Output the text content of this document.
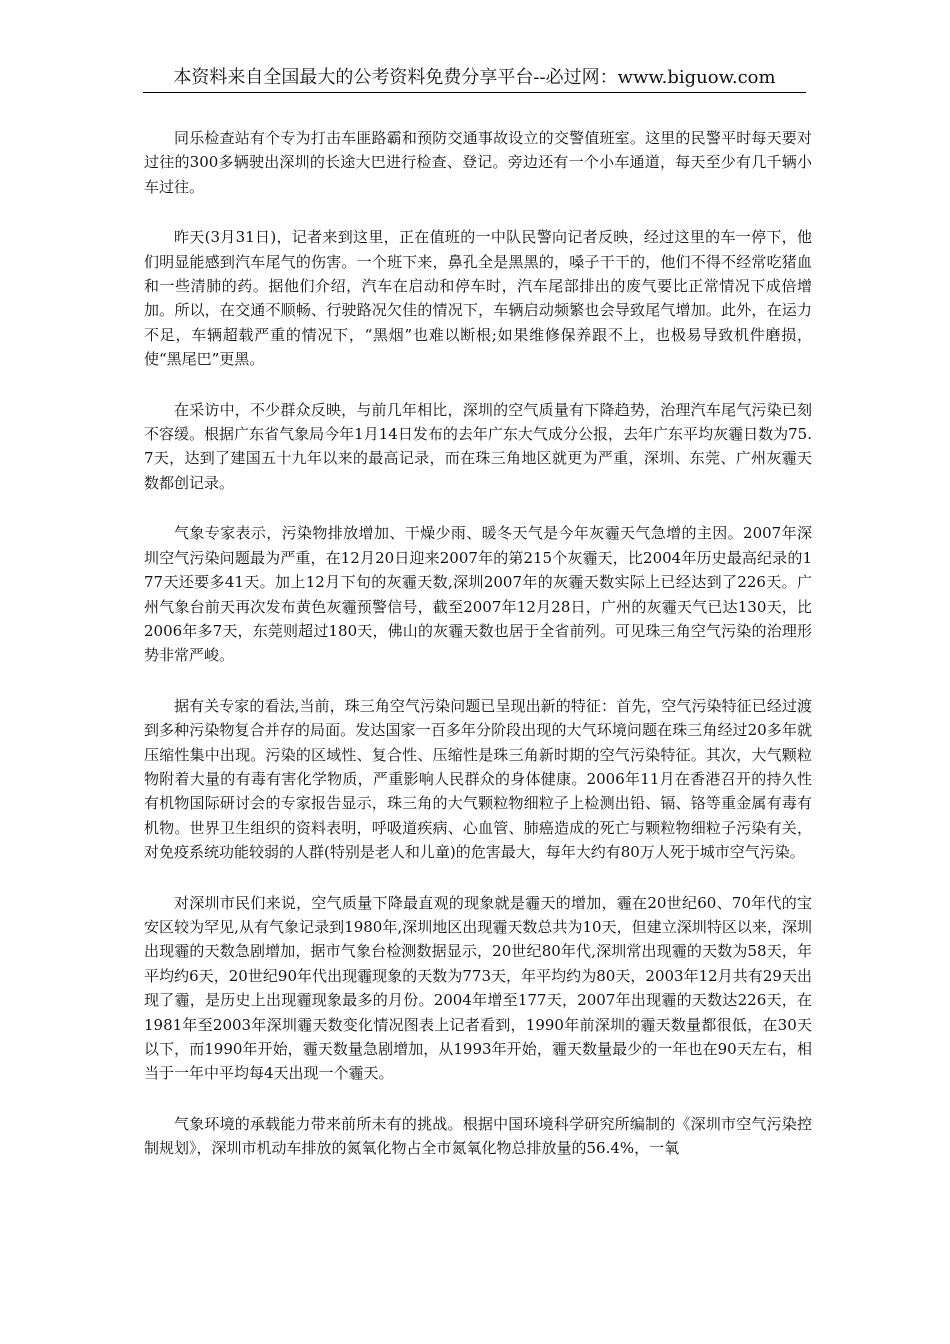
本资料来自全国最大的公考资料免费分享平台--必过网：www.biguow.com

同乐检查站有个专为打击车匪路霸和预防交通事故设立的交警值班室。这里的民警平时每天要对过往的300多辆驶出深圳的长途大巴进行检查、登记。旁边还有一个小车通道，每天至少有几千辆小车过往。

昨天(3月31日)，记者来到这里，正在值班的一中队民警向记者反映，经过这里的车一停下，他们明显能感到汽车尾气的伤害。一个班下来，鼻孔全是黑黑的，嗓子干干的，他们不得不经常吃猪血和一些清肺的药。据他们介绍，汽车在启动和停车时，汽车尾部排出的废气要比正常情况下成倍增加。所以，在交通不顺畅、行驶路况欠佳的情况下，车辆启动频繁也会导致尾气增加。此外，在运力不足，车辆超载严重的情况下，“黑烟”也难以断根;如果维修保养跟不上，也极易导致机件磨损，使“黑尾巴”更黑。

在采访中，不少群众反映，与前几年相比，深圳的空气质量有下降趋势，治理汽车尾气污染已刻不容缓。根据广东省气象局今年1月14日发布的去年广东大气成分公报，去年广东平均灰霾日数为75.7天，达到了建国五十九年以来的最高记录，而在珠三角地区就更为严重，深圳、东莞、广州灰霾天数都创记录。

气象专家表示，污染物排放增加、干燥少雨、暖冬天气是今年灰霾天气急增的主因。2007年深圳空气污染问题最为严重，在12月20日迎来2007年的第215个灰霾天，比2004年历史最高纪录的177天还要多41天。加上12月下旬的灰霾天数,深圳2007年的灰霾天数实际上已经达到了226天。广州气象台前天再次发布黄色灰霾预警信号，截至2007年12月28日，广州的灰霾天气已达130天，比2006年多7天，东莞则超过180天，佛山的灰霾天数也居于全省前列。可见珠三角空气污染的治理形势非常严峻。

据有关专家的看法,当前，珠三角空气污染问题已呈现出新的特征：首先，空气污染特征已经过渡到多种污染物复合并存的局面。发达国家一百多年分阶段出现的大气环境问题在珠三角经过20多年就压缩性集中出现。污染的区域性、复合性、压缩性是珠三角新时期的空气污染特征。其次，大气颗粒物附着大量的有毒有害化学物质，严重影响人民群众的身体健康。2006年11月在香港召开的持久性有机物国际研讨会的专家报告显示，珠三角的大气颗粒物细粒子上检测出铅、镉、铬等重金属有毒有机物。世界卫生组织的资料表明，呼吸道疾病、心血管、肺癌造成的死亡与颗粒物细粒子污染有关，对免疫系统功能较弱的人群(特别是老人和儿童)的危害最大，每年大约有80万人死于城市空气污染。

对深圳市民们来说，空气质量下降最直观的现象就是霾天的增加，霾在20世纪60、70年代的宝安区较为罕见,从有气象记录到1980年,深圳地区出现霾天数总共为10天，但建立深圳特区以来，深圳出现霾的天数急剧增加，据市气象台检测数据显示，20世纪80年代,深圳常出现霾的天数为58天，年平均约6天，20世纪90年代出现霾现象的天数为773天，年平均约为80天，2003年12月共有29天出现了霾，是历史上出现霾现象最多的月份。2004年增至177天，2007年出现霾的天数达226天，在1981年至2003年深圳霾天数变化情况图表上记者看到，1990年前深圳的霾天数量都很低，在30天以下，而1990年开始，霾天数量急剧增加，从1993年开始，霾天数量最少的一年也在90天左右，相当于一年中平均每4天出现一个霾天。

气象环境的承载能力带来前所未有的挑战。根据中国环境科学研究所编制的《深圳市空气污染控制规划》，深圳市机动车排放的氮氧化物占全市氮氧化物总排放量的56.4%，一氧
